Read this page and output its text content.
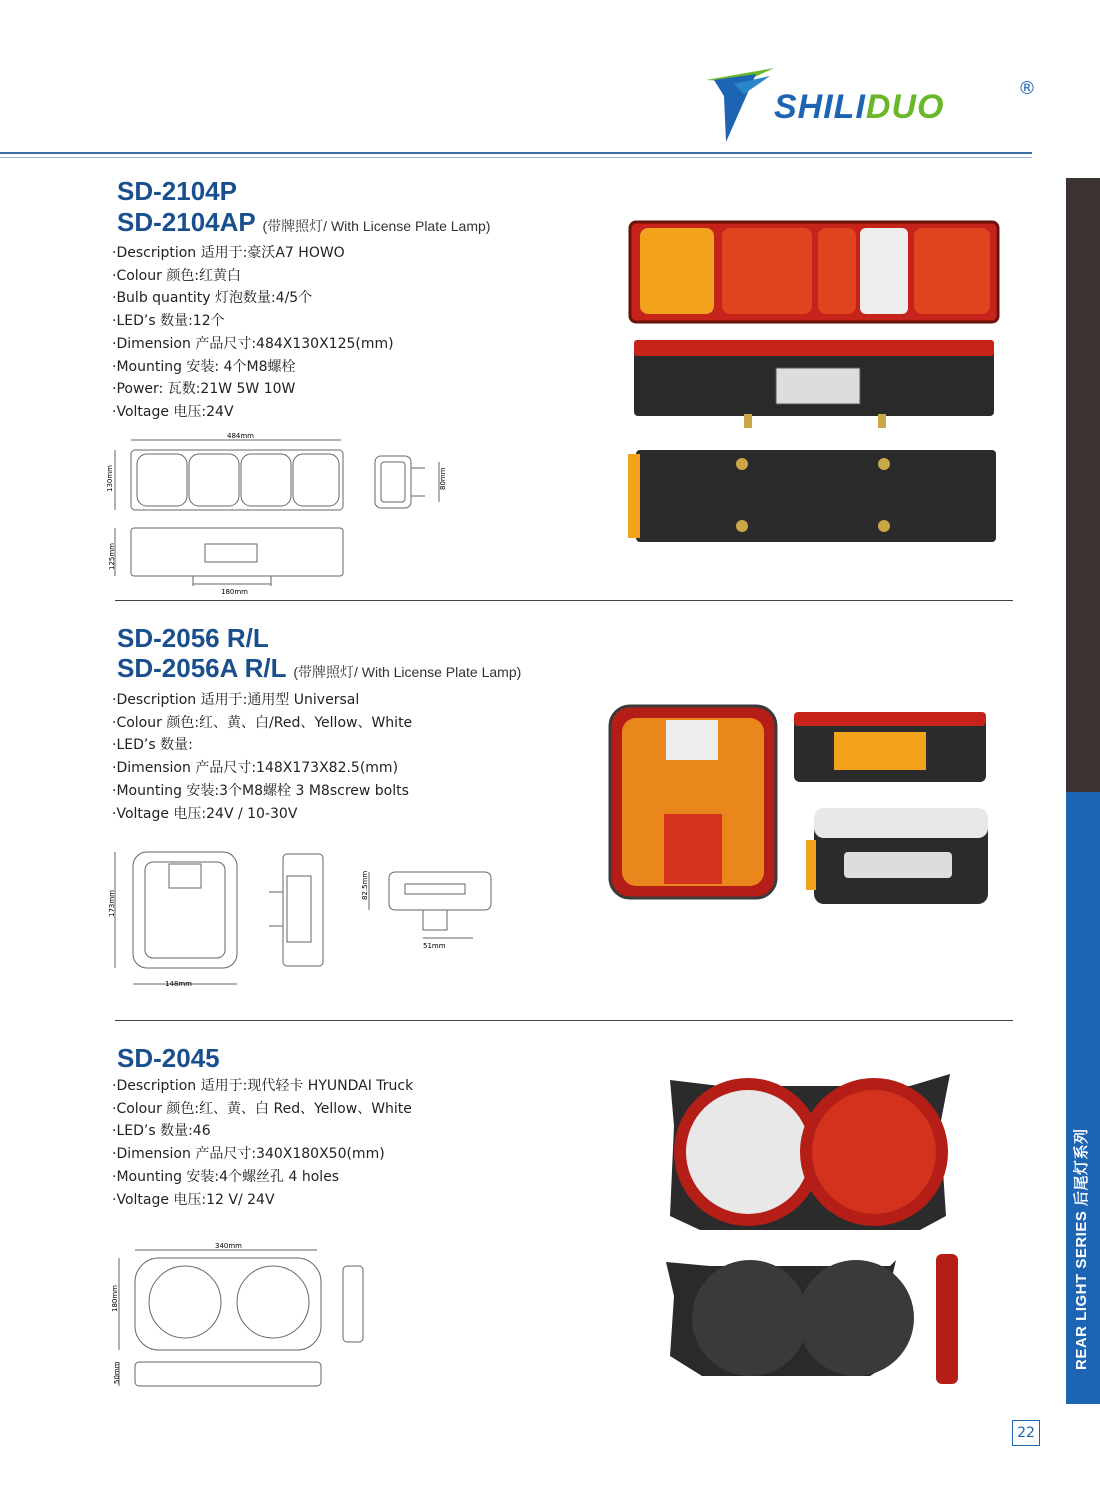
SHILIDUO	®
REAR LIGHT SERIES 后尾灯系列
22
SD-2104P
SD-2104AP (带牌照灯/ With License Plate Lamp)
·Description 适用于:豪沃A7 HOWO
·Colour 颜色:红黄白
·Bulb quantity 灯泡数量:4/5个
·LED’s 数量:12个
·Dimension 产品尺寸:484X130X125(mm)
·Mounting 安装: 4个M8螺栓
·Power: 瓦数:21W 5W 10W
·Voltage 电压:24V
484mm
130mm	80mm
125mm
180mm
SD-2056 R/L
SD-2056A R/L (带牌照灯/ With License Plate Lamp)
·Description 适用于:通用型 Universal
·Colour 颜色:红、黄、白/Red、Yellow、White
·LED’s 数量:
·Dimension 产品尺寸:148X173X82.5(mm)
·Mounting 安装:3个M8螺栓 3 M8screw bolts
·Voltage 电压:24V / 10-30V
173mm
148mm
82.5mm
51mm
SD-2045
·Description 适用于:现代轻卡 HYUNDAI Truck
·Colour 颜色:红、黄、白 Red、Yellow、White
·LED’s 数量:46
·Dimension 产品尺寸:340X180X50(mm)
·Mounting 安装:4个螺丝孔 4 holes
·Voltage 电压:12 V/ 24V
340mm
180mm
50mm
